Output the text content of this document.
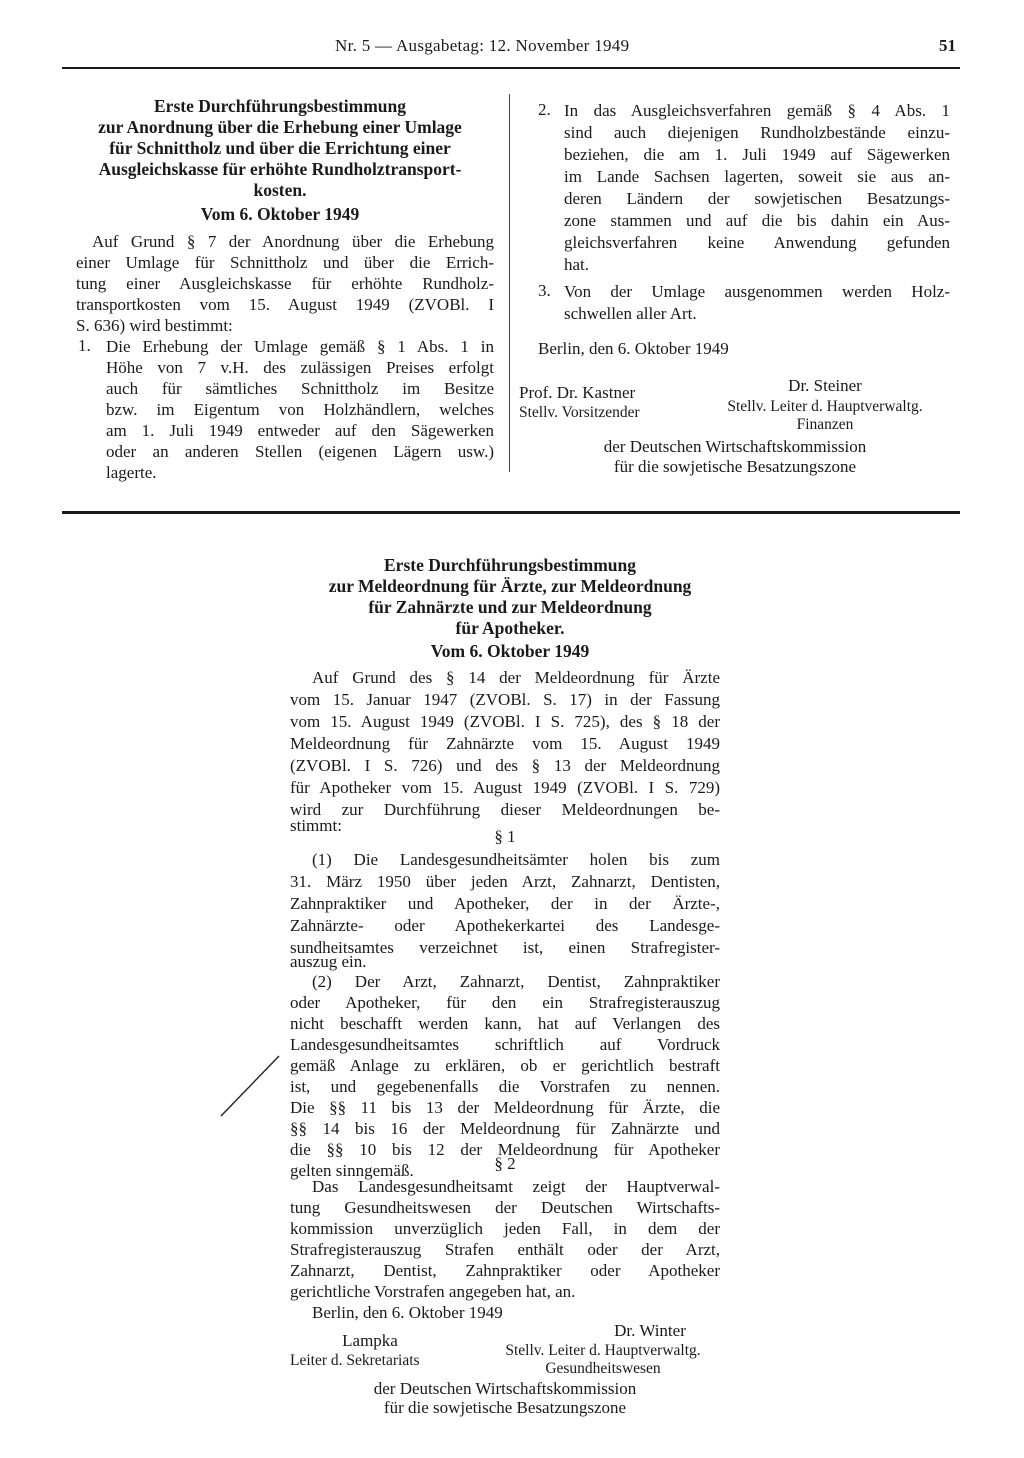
Nr. 5 — Ausgabetag: 12. November 1949	51
Erste Durchführungsbestimmung
zur Anordnung über die Erhebung einer Umlage
für Schnittholz und über die Errichtung einer
Ausgleichskasse für erhöhte Rundholztransport-
kosten.
Vom 6. Oktober 1949
Auf Grund § 7 der Anordnung über die Erhebung
einer Umlage für Schnittholz und über die Errich-
tung einer Ausgleichskasse für erhöhte Rundholz-
transportkosten vom 15. August 1949 (ZVOBl. I
S. 636) wird bestimmt:
1. Die Erhebung der Umlage gemäß § 1 Abs. 1 in
Höhe von 7 v.H. des zulässigen Preises erfolgt
auch für sämtliches Schnittholz im Besitze
bzw. im Eigentum von Holzhändlern, welches
am 1. Juli 1949 entweder auf den Sägewerken
oder an anderen Stellen (eigenen Lägern usw.)
lagerte.
2. In das Ausgleichsverfahren gemäß § 4 Abs. 1
sind auch diejenigen Rundholzbestände einzu-
beziehen, die am 1. Juli 1949 auf Sägewerken
im Lande Sachsen lagerten, soweit sie aus an-
deren Ländern der sowjetischen Besatzungs-
zone stammen und auf die bis dahin ein Aus-
gleichsverfahren keine Anwendung gefunden
hat.
3. Von der Umlage ausgenommen werden Holz-
schwellen aller Art.
Berlin, den 6. Oktober 1949
Prof. Dr. Kastner
Stellv. Vorsitzender
Dr. Steiner
Stellv. Leiter d. Hauptverwaltg.
Finanzen
der Deutschen Wirtschaftskommission
für die sowjetische Besatzungszone
Erste Durchführungsbestimmung
zur Meldeordnung für Ärzte, zur Meldeordnung
für Zahnärzte und zur Meldeordnung
für Apotheker.
Vom 6. Oktober 1949
Auf Grund des § 14 der Meldeordnung für Ärzte
vom 15. Januar 1947 (ZVOBl. S. 17) in der Fassung
vom 15. August 1949 (ZVOBl. I S. 725), des § 18 der
Meldeordnung für Zahnärzte vom 15. August 1949
(ZVOBl. I S. 726) und des § 13 der Meldeordnung
für Apotheker vom 15. August 1949 (ZVOBl. I S. 729)
wird zur Durchführung dieser Meldeordnungen be-
stimmt:
§ 1
(1) Die Landesgesundheitsämter holen bis zum
31. März 1950 über jeden Arzt, Zahnarzt, Dentisten,
Zahnpraktiker und Apotheker, der in der Ärzte-,
Zahnärzte- oder Apothekerkartei des Landesge-
sundheitsamtes verzeichnet ist, einen Strafregister-
auszug ein.
(2) Der Arzt, Zahnarzt, Dentist, Zahnpraktiker
oder Apotheker, für den ein Strafregisterauszug
nicht beschafft werden kann, hat auf Verlangen des
Landesgesundheitsamtes schriftlich auf Vordruck
gemäß Anlage zu erklären, ob er gerichtlich bestraft
ist, und gegebenenfalls die Vorstrafen zu nennen.
Die §§ 11 bis 13 der Meldeordnung für Ärzte, die
§§ 14 bis 16 der Meldeordnung für Zahnärzte und
die §§ 10 bis 12 der Meldeordnung für Apotheker
gelten sinngemäß.	§ 2
Das Landesgesundheitsamt zeigt der Hauptverwal-
tung Gesundheitswesen der Deutschen Wirtschafts-
kommission unverzüglich jeden Fall, in dem der
Strafregisterauszug Strafen enthält oder der Arzt,
Zahnarzt, Dentist, Zahnpraktiker oder Apotheker
gerichtliche Vorstrafen angegeben hat, an.
Berlin, den 6. Oktober 1949
Dr. Winter
Stellv. Leiter d. Hauptverwaltg.
Gesundheitswesen
Lampka
Leiter d. Sekretariats
der Deutschen Wirtschaftskommission
für die sowjetische Besatzungszone
